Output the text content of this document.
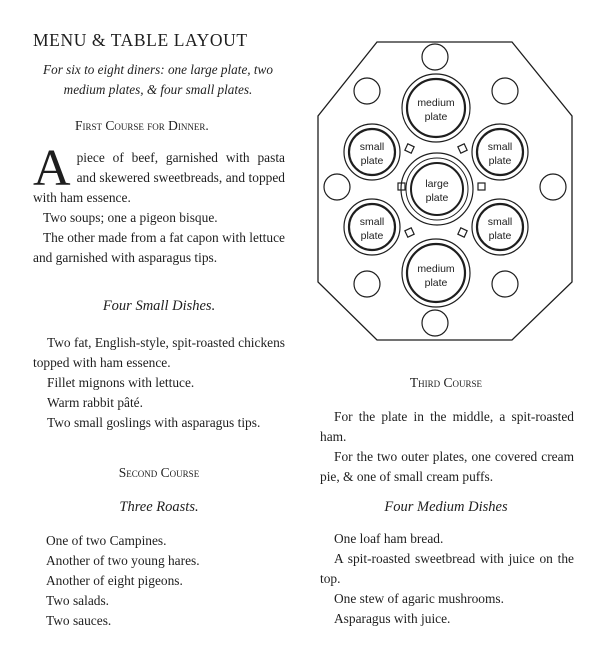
MENU & TABLE LAYOUT
For six to eight diners: one large plate, two
medium plates, & four small plates.
First Course for Dinner.
A piece of beef, garnished with pasta and skewered sweetbreads, and topped with ham essence.

Two soups; one a pigeon bisque.

The other made from a fat capon with lettuce and garnished with asparagus tips.

Four Small Dishes.

Two fat, English-style, spit-roasted chickens topped with ham essence.

Fillet mignons with lettuce.

Warm rabbit pâté.

Two small goslings with asparagus tips.

Second Course
Three Roasts.
One of two Campines.
Another of two young hares.
Another of eight pigeons.
Two salads.
Two sauces.
medium
plate
small
plate
small
plate
large
plate
small
plate
small
plate
medium
plate
Third Course

For the plate in the middle, a spit-roasted ham.

For the two outer plates, one covered cream pie, & one of small cream puffs.

Four Medium Dishes

One loaf ham bread.

A spit-roasted sweetbread with juice on the top.

One stew of agaric mushrooms.

Asparagus with juice.
